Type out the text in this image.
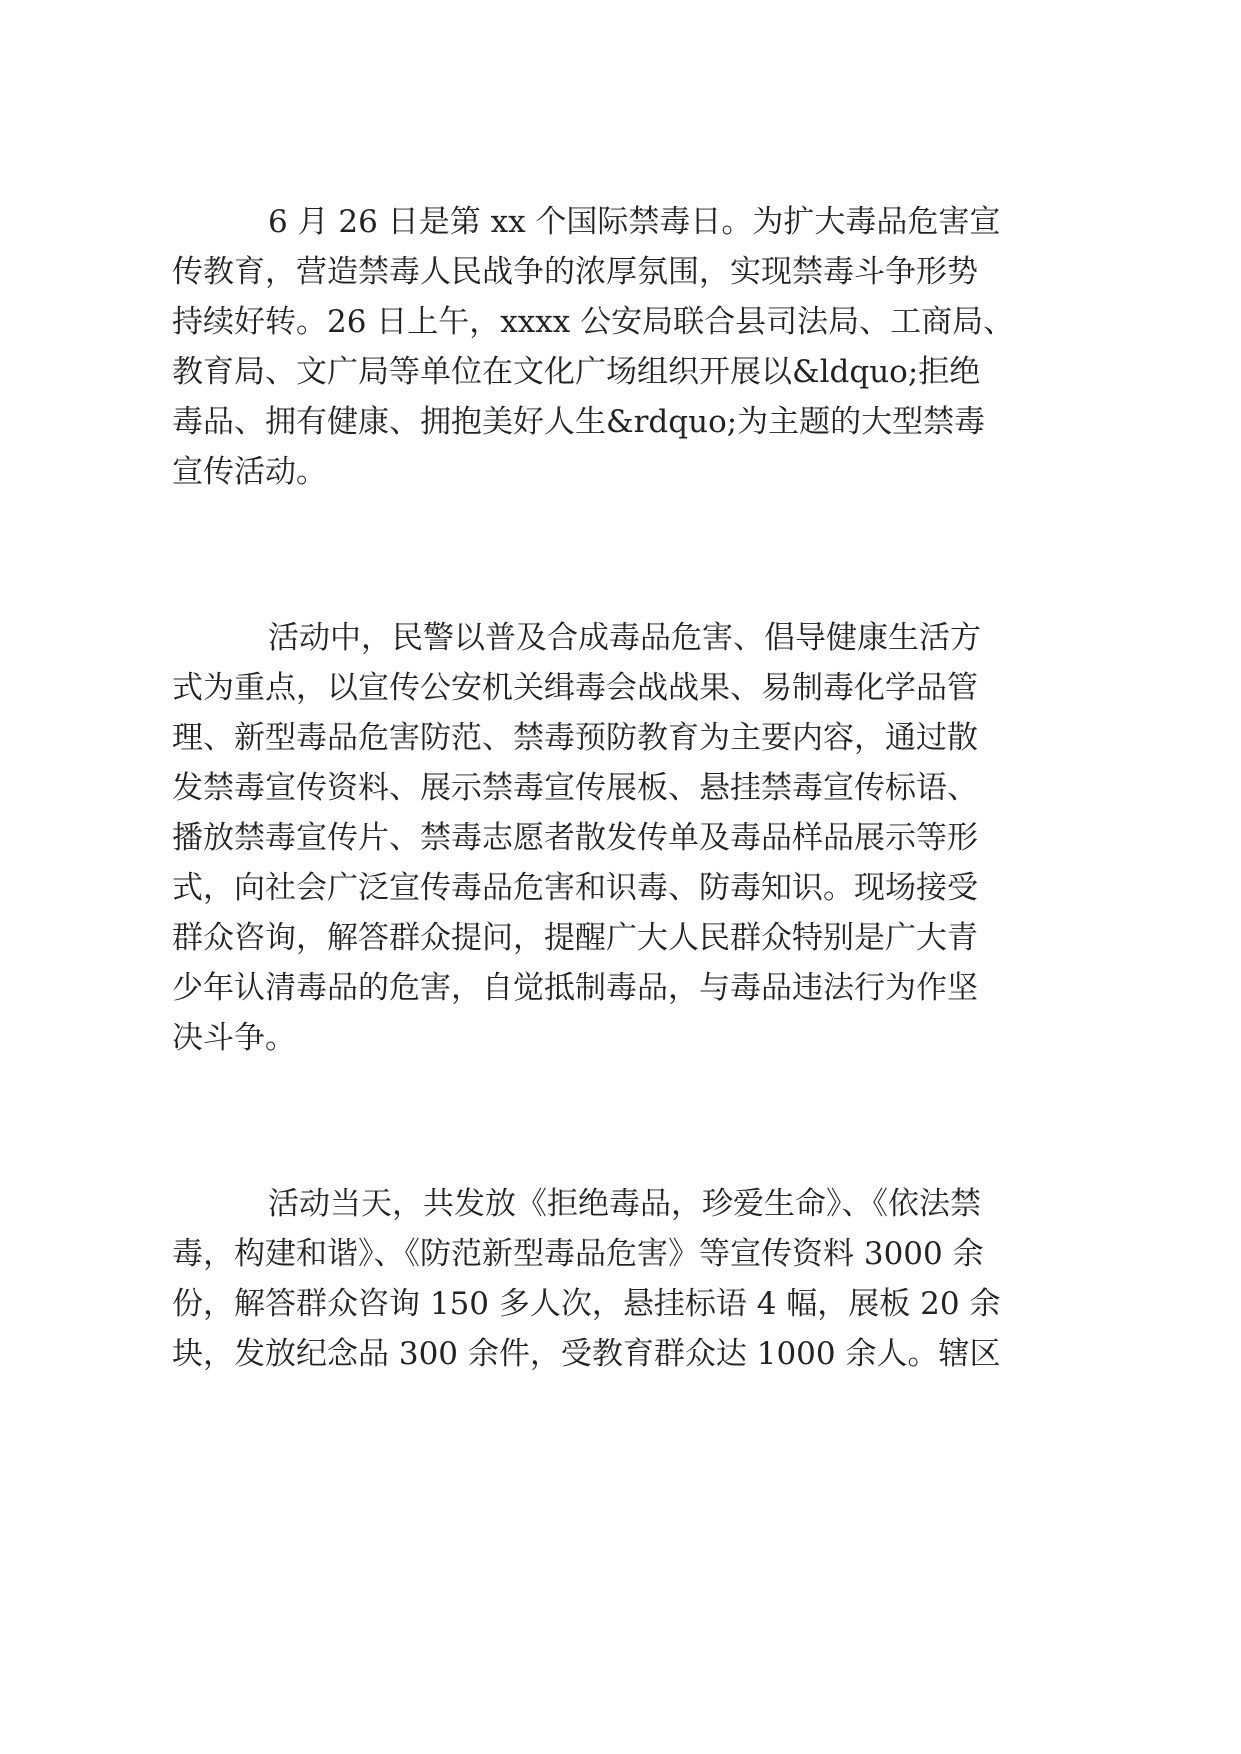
6 月 26 日是第 xx 个国际禁毒日。为扩大毒品危害宣
传教育，营造禁毒人民战争的浓厚氛围，实现禁毒斗争形势
持续好转。26 日上午，xxxx 公安局联合县司法局、工商局、
教育局、文广局等单位在文化广场组织开展以&ldquo;拒绝
毒品、拥有健康、拥抱美好人生&rdquo;为主题的大型禁毒
宣传活动。
活动中，民警以普及合成毒品危害、倡导健康生活方
式为重点，以宣传公安机关缉毒会战战果、易制毒化学品管
理、新型毒品危害防范、禁毒预防教育为主要内容，通过散
发禁毒宣传资料、展示禁毒宣传展板、悬挂禁毒宣传标语、
播放禁毒宣传片、禁毒志愿者散发传单及毒品样品展示等形
式，向社会广泛宣传毒品危害和识毒、防毒知识。现场接受
群众咨询，解答群众提问，提醒广大人民群众特别是广大青
少年认清毒品的危害，自觉抵制毒品，与毒品违法行为作坚
决斗争。
活动当天，共发放《拒绝毒品，珍爱生命》、《依法禁
毒，构建和谐》、《防范新型毒品危害》等宣传资料 3000 余
份，解答群众咨询 150 多人次，悬挂标语 4 幅，展板 20 余
块，发放纪念品 300 余件，受教育群众达 1000 余人。辖区
